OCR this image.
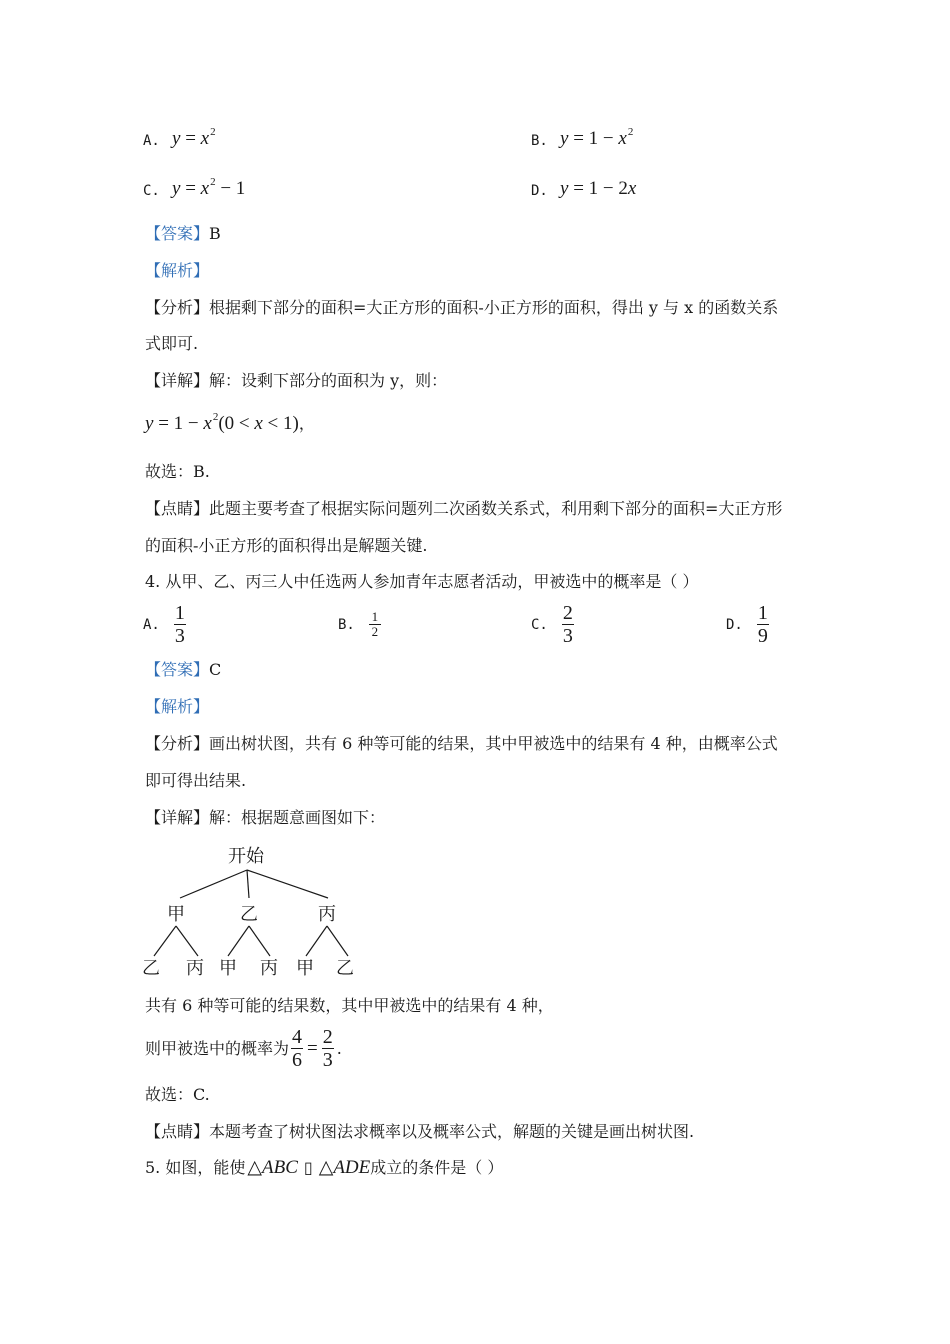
A. $y = x^2$
B. $y = 1 - x^2$
C. $y = x^2 - 1$	D. y = 1 − 2x
【答案】B
【解析】
【分析】根据剩下部分的面积=大正方形的面积-小正方形的面积，得出 y 与 x 的函数关系
式即可.
【详解】解：设剩下部分的面积为 y，则：
$y = 1 - x^2(0 < x < 1)$，
故选：B.
【点睛】此题主要考查了根据实际问题列二次函数关系式，利用剩下部分的面积=大正方形
的面积-小正方形的面积得出是解题关键.
4. 从甲、乙、丙三人中任选两人参加青年志愿者活动，甲被选中的概率是（ ）
A. $\frac{1}{3}$	B. $\frac{1}{2}$	C. $\frac{2}{3}$	D. $\frac{1}{9}$
【答案】C
【解析】
【分析】画出树状图，共有 6 种等可能的结果，其中甲被选中的结果有 4 种，由概率公式
即可得出结果.
【详解】解：根据题意画图如下：
开始
甲	乙	丙
乙 丙 甲 丙 甲 乙
共有 6 种等可能的结果数，其中甲被选中的结果有 4 种，
则甲被选中的概率为 $\frac{4}{6} = \frac{2}{3}$ .
故选：C.
【点睛】本题考查了树状图法求概率以及概率公式，解题的关键是画出树状图.
5. 如图，能使 △ABC ▯ △ADE 成立的条件是（ ）
